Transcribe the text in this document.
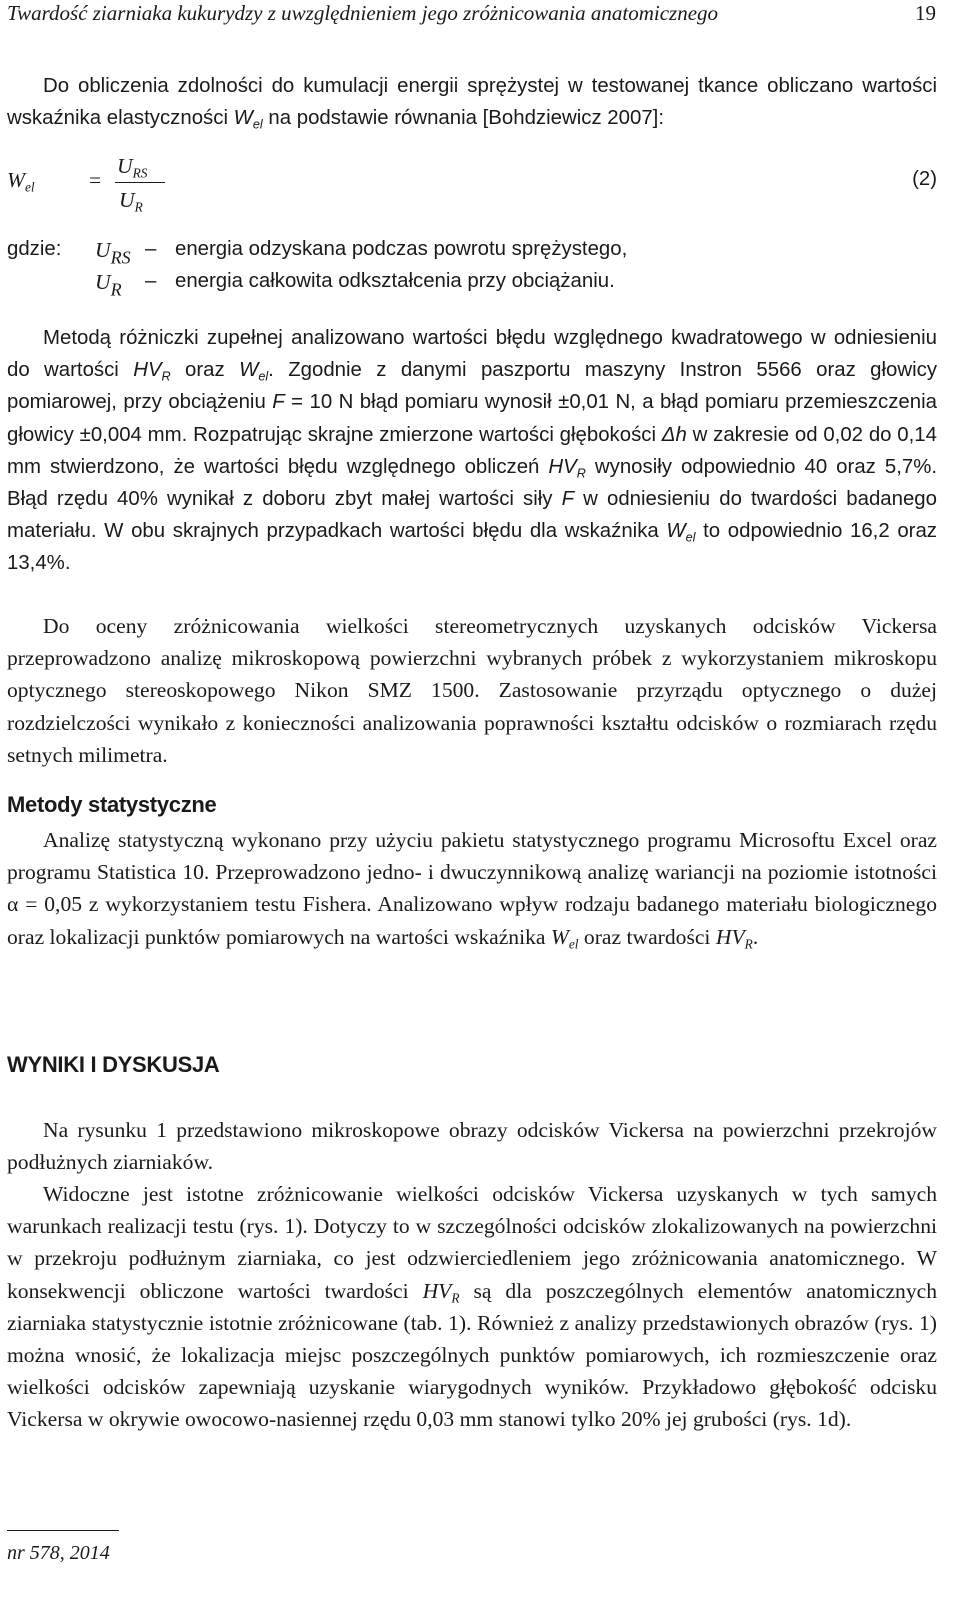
Twardość ziarniaka kukurydzy z uwzględnieniem jego zróżnicowania anatomicznego	19

Do obliczenia zdolności do kumulacji energii sprężystej w testowanej tkance obliczano wartości wskaźnika elastyczności $W_{el}$ na podstawie równania [Bohdziewicz 2007]:

$W_{el}$	=
$U_{RS}$
$U_R$
(2)
gdzie: $U_{RS}$ – energia odzyskana podczas powrotu sprężystego,
$U_R$ – energia całkowita odkształcenia przy obciążaniu.

Metodą różniczki zupełnej analizowano wartości błędu względnego kwadratowego w odniesieniu do wartości $HV_R$ oraz $W_{el}$. Zgodnie z danymi paszportu maszyny Instron 5566 oraz głowicy pomiarowej, przy obciążeniu F = 10 N błąd pomiaru wynosił ±0,01 N, a błąd pomiaru przemieszczenia głowicy ±0,004 mm. Rozpatrując skrajne zmierzone wartości głębokości Δh w zakresie od 0,02 do 0,14 mm stwierdzono, że wartości błędu względnego obliczeń $HV_R$ wynosiły odpowiednio 40 oraz 5,7%. Błąd rzędu 40% wynikał z doboru zbyt małej wartości siły F w odniesieniu do twardości badanego materiału. W obu skrajnych przypadkach wartości błędu dla wskaźnika $W_{el}$ to odpowiednio 16,2 oraz 13,4%.

Do oceny zróżnicowania wielkości stereometrycznych uzyskanych odcisków Vickersa przeprowadzono analizę mikroskopową powierzchni wybranych próbek z wykorzystaniem mikroskopu optycznego stereoskopowego Nikon SMZ 1500. Zastosowanie przyrządu optycznego o dużej rozdzielczości wynikało z konieczności analizowania poprawności kształtu odcisków o rozmiarach rzędu setnych milimetra.

Metody statystyczne

Analizę statystyczną wykonano przy użyciu pakietu statystycznego programu Microsoftu Excel oraz programu Statistica 10. Przeprowadzono jedno- i dwuczynnikową analizę wariancji na poziomie istotności α = 0,05 z wykorzystaniem testu Fishera. Analizowano wpływ rodzaju badanego materiału biologicznego oraz lokalizacji punktów pomiarowych na wartości wskaźnika $W_{el}$ oraz twardości $HV_R$.

WYNIKI I DYSKUSJA

Na rysunku 1 przedstawiono mikroskopowe obrazy odcisków Vickersa na powierzchni przekrojów podłużnych ziarniaków.

Widoczne jest istotne zróżnicowanie wielkości odcisków Vickersa uzyskanych w tych samych warunkach realizacji testu (rys. 1). Dotyczy to w szczególności odcisków zlokalizowanych na powierzchni w przekroju podłużnym ziarniaka, co jest odzwierciedleniem jego zróżnicowania anatomicznego. W konsekwencji obliczone wartości twardości $HV_R$ są dla poszczególnych elementów anatomicznych ziarniaka statystycznie istotnie zróżnicowane (tab. 1). Również z analizy przedstawionych obrazów (rys. 1) można wnosić, że lokalizacja miejsc poszczególnych punktów pomiarowych, ich rozmieszczenie oraz wielkości odcisków zapewniają uzyskanie wiarygodnych wyników. Przykładowo głębokość odcisku Vickersa w okrywie owocowo-nasiennej rzędu 0,03 mm stanowi tylko 20% jej grubości (rys. 1d).

nr 578, 2014
